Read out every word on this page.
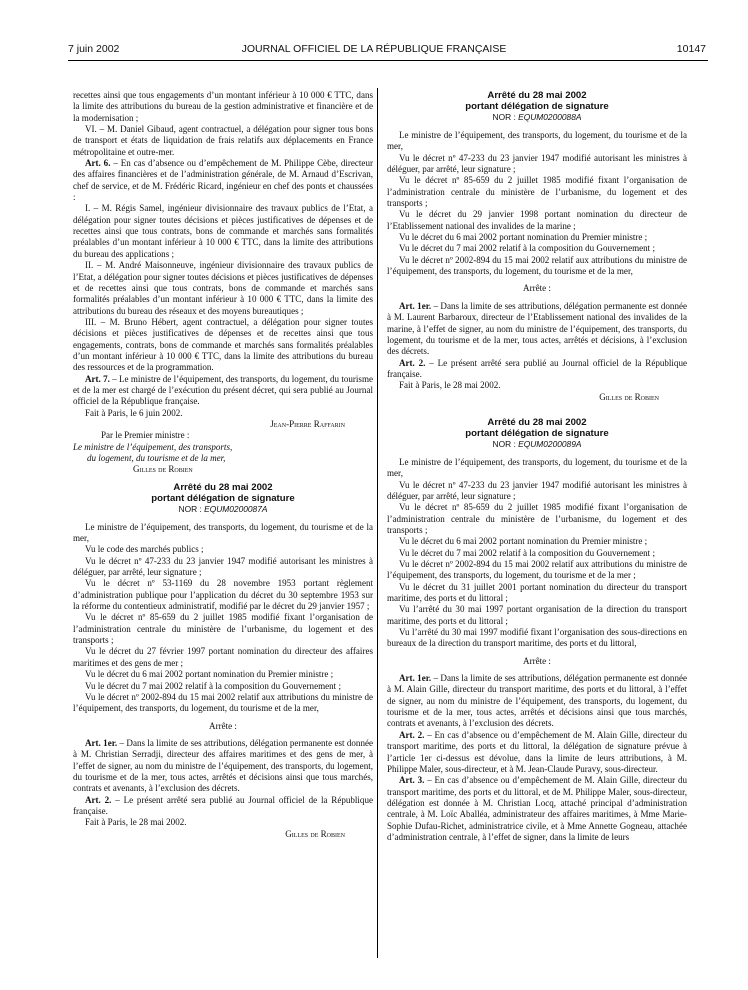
7 juin 2002	JOURNAL OFFICIEL DE LA RÉPUBLIQUE FRANÇAISE	10147

recettes ainsi que tous engagements d’un montant inférieur à 10 000 € TTC, dans la limite des attributions du bureau de la gestion administrative et financière et de la modernisation ;

VI. – M. Daniel Gibaud, agent contractuel, a délégation pour signer tous bons de transport et états de liquidation de frais relatifs aux déplacements en France métropolitaine et outre-mer.

Art. 6. – En cas d’absence ou d’empêchement de M. Philippe Cèbe, directeur des affaires financières et de l’administration générale, de M. Arnaud d’Escrivan, chef de service, et de M. Frédéric Ricard, ingénieur en chef des ponts et chaussées :

I. – M. Régis Samel, ingénieur divisionnaire des travaux publics de l’Etat, a délégation pour signer toutes décisions et pièces justificatives de dépenses et de recettes ainsi que tous contrats, bons de commande et marchés sans formalités préalables d’un montant inférieur à 10 000 € TTC, dans la limite des attributions du bureau des applications ;

II. – M. André Maisonneuve, ingénieur divisionnaire des travaux publics de l’Etat, a délégation pour signer toutes décisions et pièces justificatives de dépenses et de recettes ainsi que tous contrats, bons de commande et marchés sans formalités préalables d’un montant inférieur à 10 000 € TTC, dans la limite des attributions du bureau des réseaux et des moyens bureautiques ;

III. – M. Bruno Hébert, agent contractuel, a délégation pour signer toutes décisions et pièces justificatives de dépenses et de recettes ainsi que tous engagements, contrats, bons de commande et marchés sans formalités préalables d’un montant inférieur à 10 000 € TTC, dans la limite des attributions du bureau des ressources et de la programmation.

Art. 7. – Le ministre de l’équipement, des transports, du logement, du tourisme et de la mer est chargé de l’exécution du présent décret, qui sera publié au Journal officiel de la République française.

Fait à Paris, le 6 juin 2002.

Jean-Pierre Raffarin

Par le Premier ministre :

Le ministre de l’équipement, des transports,

du logement, du tourisme et de la mer,

Gilles de Robien

Arrêté du 28 mai 2002
portant délégation de signature
NOR : EQUM0200087A

Le ministre de l’équipement, des transports, du logement, du tourisme et de la mer,

Vu le code des marchés publics ;

Vu le décret nº 47-233 du 23 janvier 1947 modifié autorisant les ministres à déléguer, par arrêté, leur signature ;

Vu le décret nº 53-1169 du 28 novembre 1953 portant règlement d’administration publique pour l’application du décret du 30 septembre 1953 sur la réforme du contentieux administratif, modifié par le décret du 29 janvier 1957 ;

Vu le décret nº 85-659 du 2 juillet 1985 modifié fixant l’organisation de l’administration centrale du ministère de l’urbanisme, du logement et des transports ;

Vu le décret du 27 février 1997 portant nomination du directeur des affaires maritimes et des gens de mer ;

Vu le décret du 6 mai 2002 portant nomination du Premier ministre ;

Vu le décret du 7 mai 2002 relatif à la composition du Gouvernement ;

Vu le décret nº 2002-894 du 15 mai 2002 relatif aux attributions du ministre de l’équipement, des transports, du logement, du tourisme et de la mer,

Arrête :

Art. 1er. – Dans la limite de ses attributions, délégation permanente est donnée à M. Christian Serradji, directeur des affaires maritimes et des gens de mer, à l’effet de signer, au nom du ministre de l’équipement, des transports, du logement, du tourisme et de la mer, tous actes, arrêtés et décisions ainsi que tous marchés, contrats et avenants, à l’exclusion des décrets.

Art. 2. – Le présent arrêté sera publié au Journal officiel de la République française.

Fait à Paris, le 28 mai 2002.

Gilles de Robien

Arrêté du 28 mai 2002
portant délégation de signature
NOR : EQUM0200088A

Le ministre de l’équipement, des transports, du logement, du tourisme et de la mer,

Vu le décret nº 47-233 du 23 janvier 1947 modifié autorisant les ministres à déléguer, par arrêté, leur signature ;

Vu le décret nº 85-659 du 2 juillet 1985 modifié fixant l’organisation de l’administration centrale du ministère de l’urbanisme, du logement et des transports ;

Vu le décret du 29 janvier 1998 portant nomination du directeur de l’Etablissement national des invalides de la marine ;

Vu le décret du 6 mai 2002 portant nomination du Premier ministre ;

Vu le décret du 7 mai 2002 relatif à la composition du Gouvernement ;

Vu le décret nº 2002-894 du 15 mai 2002 relatif aux attributions du ministre de l’équipement, des transports, du logement, du tourisme et de la mer,

Arrête :

Art. 1er. – Dans la limite de ses attributions, délégation permanente est donnée à M. Laurent Barbaroux, directeur de l’Etablissement national des invalides de la marine, à l’effet de signer, au nom du ministre de l’équipement, des transports, du logement, du tourisme et de la mer, tous actes, arrêtés et décisions, à l’exclusion des décrets.

Art. 2. – Le présent arrêté sera publié au Journal officiel de la République française.

Fait à Paris, le 28 mai 2002.

Gilles de Robien

Arrêté du 28 mai 2002
portant délégation de signature
NOR : EQUM0200089A

Le ministre de l’équipement, des transports, du logement, du tourisme et de la mer,

Vu le décret nº 47-233 du 23 janvier 1947 modifié autorisant les ministres à déléguer, par arrêté, leur signature ;

Vu le décret nº 85-659 du 2 juillet 1985 modifié fixant l’organisation de l’administration centrale du ministère de l’urbanisme, du logement et des transports ;

Vu le décret du 6 mai 2002 portant nomination du Premier ministre ;

Vu le décret du 7 mai 2002 relatif à la composition du Gouvernement ;

Vu le décret nº 2002-894 du 15 mai 2002 relatif aux attributions du ministre de l’équipement, des transports, du logement, du tourisme et de la mer ;

Vu le décret du 31 juillet 2001 portant nomination du directeur du transport maritime, des ports et du littoral ;

Vu l’arrêté du 30 mai 1997 portant organisation de la direction du transport maritime, des ports et du littoral ;

Vu l’arrêté du 30 mai 1997 modifié fixant l’organisation des sous-directions en bureaux de la direction du transport maritime, des ports et du littoral,

Arrête :

Art. 1er. – Dans la limite de ses attributions, délégation permanente est donnée à M. Alain Gille, directeur du transport maritime, des ports et du littoral, à l’effet de signer, au nom du ministre de l’équipement, des transports, du logement, du tourisme et de la mer, tous actes, arrêtés et décisions ainsi que tous marchés, contrats et avenants, à l’exclusion des décrets.

Art. 2. – En cas d’absence ou d’empêchement de M. Alain Gille, directeur du transport maritime, des ports et du littoral, la délégation de signature prévue à l’article 1er ci-dessus est dévolue, dans la limite de leurs attributions, à M. Philippe Maler, sous-directeur, et à M. Jean-Claude Puravy, sous-directeur.

Art. 3. – En cas d’absence ou d’empêchement de M. Alain Gille, directeur du transport maritime, des ports et du littoral, et de M. Philippe Maler, sous-directeur, délégation est donnée à M. Christian Locq, attaché principal d’administration centrale, à M. Loïc Aballéa, administrateur des affaires maritimes, à Mme Marie-Sophie Dufau-Richet, administratrice civile, et à Mme Annette Gogneau, attachée d’administration centrale, à l’effet de signer, dans la limite de leurs
